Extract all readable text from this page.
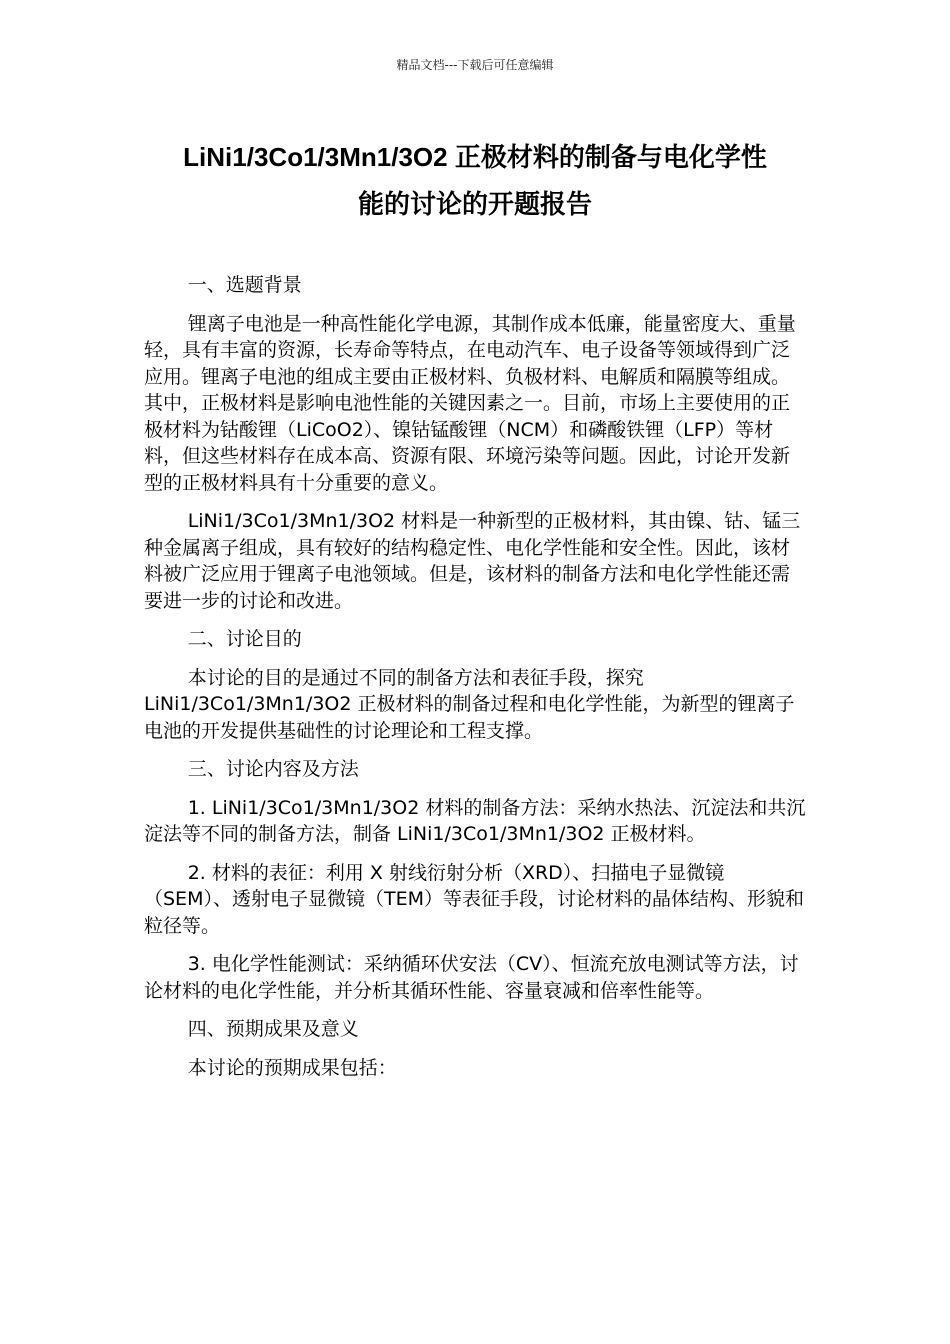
精品文档---下载后可任意编辑
LiNi1/3Co1/3Mn1/3O2 正极材料的制备与电化学性
能的讨论的开题报告

一、选题背景

锂离子电池是一种高性能化学电源，其制作成本低廉，能量密度大、重量轻，具有丰富的资源，长寿命等特点，在电动汽车、电子设备等领域得到广泛应用。锂离子电池的组成主要由正极材料、负极材料、电解质和隔膜等组成。其中，正极材料是影响电池性能的关键因素之一。目前，市场上主要使用的正极材料为钴酸锂（LiCoO2）、镍钴锰酸锂（NCM）和磷酸铁锂（LFP）等材料，但这些材料存在成本高、资源有限、环境污染等问题。因此，讨论开发新型的正极材料具有十分重要的意义。

LiNi1/3Co1/3Mn1/3O2 材料是一种新型的正极材料，其由镍、钴、锰三种金属离子组成，具有较好的结构稳定性、电化学性能和安全性。因此，该材料被广泛应用于锂离子电池领域。但是，该材料的制备方法和电化学性能还需要进一步的讨论和改进。

二、讨论目的

本讨论的目的是通过不同的制备方法和表征手段，探究 LiNi1/3Co1/3Mn1/3O2 正极材料的制备过程和电化学性能，为新型的锂离子电池的开发提供基础性的讨论理论和工程支撑。

三、讨论内容及方法

1. LiNi1/3Co1/3Mn1/3O2 材料的制备方法：采纳水热法、沉淀法和共沉淀法等不同的制备方法，制备 LiNi1/3Co1/3Mn1/3O2 正极材料。

2. 材料的表征：利用 X 射线衍射分析（XRD）、扫描电子显微镜（SEM）、透射电子显微镜（TEM）等表征手段，讨论材料的晶体结构、形貌和粒径等。

3. 电化学性能测试：采纳循环伏安法（CV）、恒流充放电测试等方法，讨论材料的电化学性能，并分析其循环性能、容量衰减和倍率性能等。

四、预期成果及意义

本讨论的预期成果包括：
